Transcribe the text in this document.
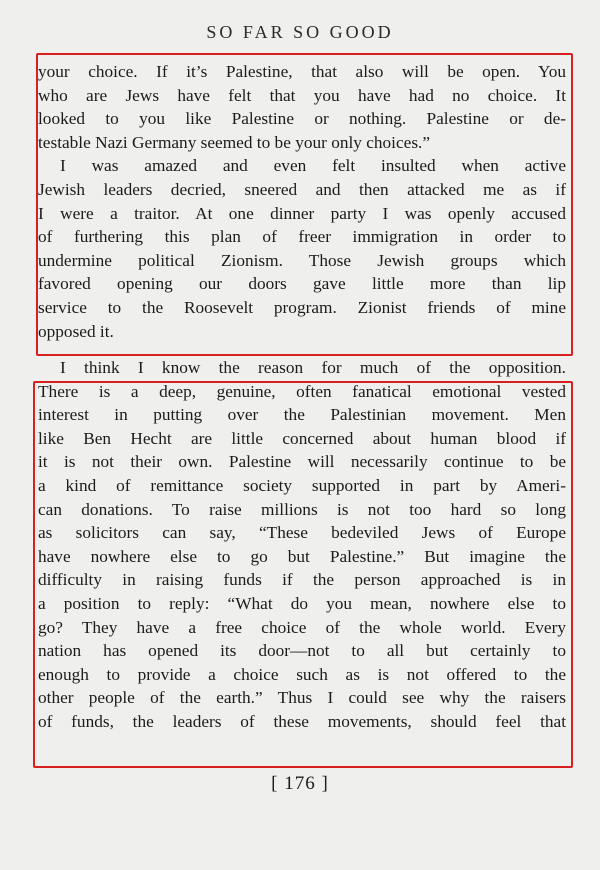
SO FAR SO GOOD
your choice. If it’s Palestine, that also will be open. You
who are Jews have felt that you have had no choice. It
looked to you like Palestine or nothing. Palestine or de-
testable Nazi Germany seemed to be your only choices.”
I was amazed and even felt insulted when active
Jewish leaders decried, sneered and then attacked me as if
I were a traitor. At one dinner party I was openly accused
of furthering this plan of freer immigration in order to
undermine political Zionism. Those Jewish groups which
favored opening our doors gave little more than lip
service to the Roosevelt program. Zionist friends of mine
opposed it.
I think I know the reason for much of the opposition.
There is a deep, genuine, often fanatical emotional vested
interest in putting over the Palestinian movement. Men
like Ben Hecht are little concerned about human blood if
it is not their own. Palestine will necessarily continue to be
a kind of remittance society supported in part by Ameri-
can donations. To raise millions is not too hard so long
as solicitors can say, “These bedeviled Jews of Europe
have nowhere else to go but Palestine.” But imagine the
difficulty in raising funds if the person approached is in
a position to reply: “What do you mean, nowhere else to
go? They have a free choice of the whole world. Every
nation has opened its door—not to all but certainly to
enough to provide a choice such as is not offered to the
other people of the earth.” Thus I could see why the raisers
of funds, the leaders of these movements, should feel that
[ 176 ]
